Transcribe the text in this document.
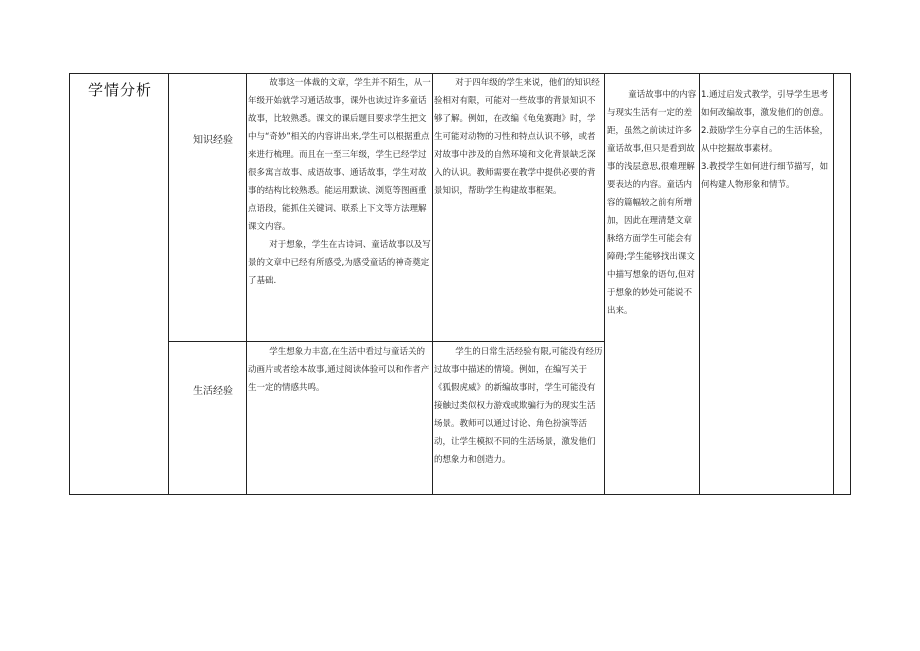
学情分析
知识经验
生活经验

故事这一体裁的文章，学生并不陌生，从一年级开始就学习通话故事，课外也读过许多童话故事，比较熟悉。课文的课后题目要求学生把文中与“奇妙”相关的内容讲出来,学生可以根据重点来进行梳理。而且在一至三年级，学生已经学过很多寓言故事、成语故事、通话故事，学生对故事的结构比较熟悉。能运用默读、浏览等图画重点语段，能抓住关键词、联系上下文等方法理解课文内容。

对于想象，学生在古诗词、童话故事以及写景的文章中已经有所感受,为感受童话的神奇奠定了基础.

对于四年级的学生来说，他们的知识经验相对有限，可能对一些故事的背景知识不够了解。例如，在改编《龟兔赛跑》时，学生可能对动物的习性和特点认识不够，或者对故事中涉及的自然环境和文化背景缺乏深入的认识。教师需要在教学中提供必要的背景知识，帮助学生构建故事框架。

学生想象力丰富,在生活中看过与童话关的动画片或者绘本故事,通过阅读体验可以和作者产生一定的情感共鸣。

学生的日常生活经验有限,可能没有经历过故事中描述的情境。例如，在编写关于《狐假虎威》的新编故事时，学生可能没有接触过类似权力游戏或欺骗行为的现实生活场景。教师可以通过讨论、角色扮演等活动，让学生模拟不同的生活场景，激发他们的想象力和创造力。

童话故事中的内容与现实生活有一定的差距，虽然之前读过许多童话故事,但只是看到故事的浅层意思,很难理解要表达的内容。童话内容的篇幅较之前有所增加，因此在理清楚文章脉络方面学生可能会有障碍;学生能够找出课文中描写想象的语句,但对于想象的妙处可能说不出来。

1.通过启发式教学，引导学生思考如何改编故事，激发他们的创意。

2.鼓励学生分享自己的生活体验，从中挖掘故事素材。

3.教授学生如何进行细节描写，如何构建人物形象和情节。
